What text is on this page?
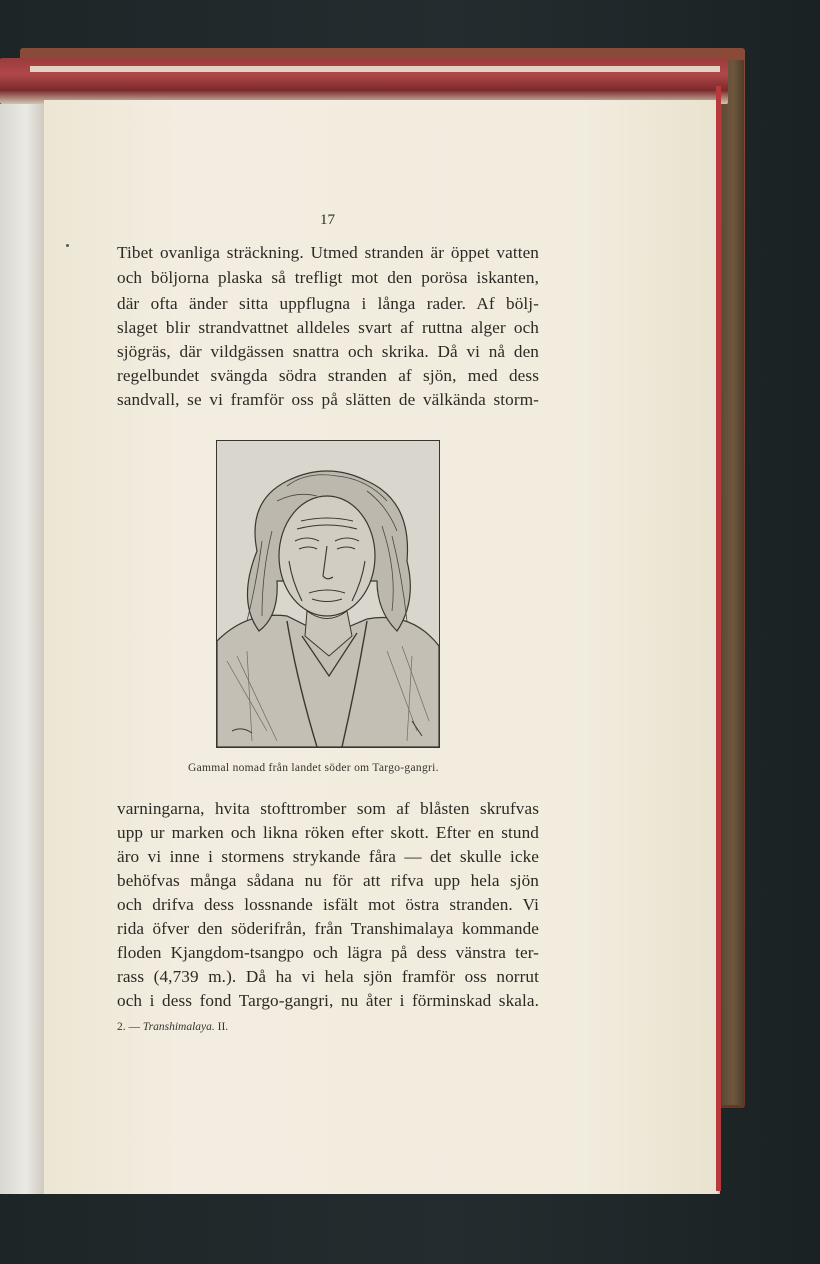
17
Tibet ovanliga sträckning. Utmed stranden är öppet vatten
och böljorna plaska så trefligt mot den porösa iskanten,
där ofta änder sitta uppflugna i långa rader. Af bölj-
slaget blir strandvattnet alldeles svart af ruttna alger och
sjögräs, där vildgässen snattra och skrika. Då vi nå den
regelbundet svängda södra stranden af sjön, med dess
sandvall, se vi framför oss på slätten de välkända storm-
Gammal nomad från landet söder om Targo-gangri.
varningarna, hvita stofttromber som af blåsten skrufvas
upp ur marken och likna röken efter skott. Efter en stund
äro vi inne i stormens strykande fåra — det skulle icke
behöfvas många sådana nu för att rifva upp hela sjön
och drifva dess lossnande isfält mot östra stranden. Vi
rida öfver den söderifrån, från Transhimalaya kommande
floden Kjangdom-tsangpo och lägra på dess vänstra ter-
rass (4,739 m.). Då ha vi hela sjön framför oss norrut
och i dess fond Targo-gangri, nu åter i förminskad skala.
2. — Transhimalaya. II.
